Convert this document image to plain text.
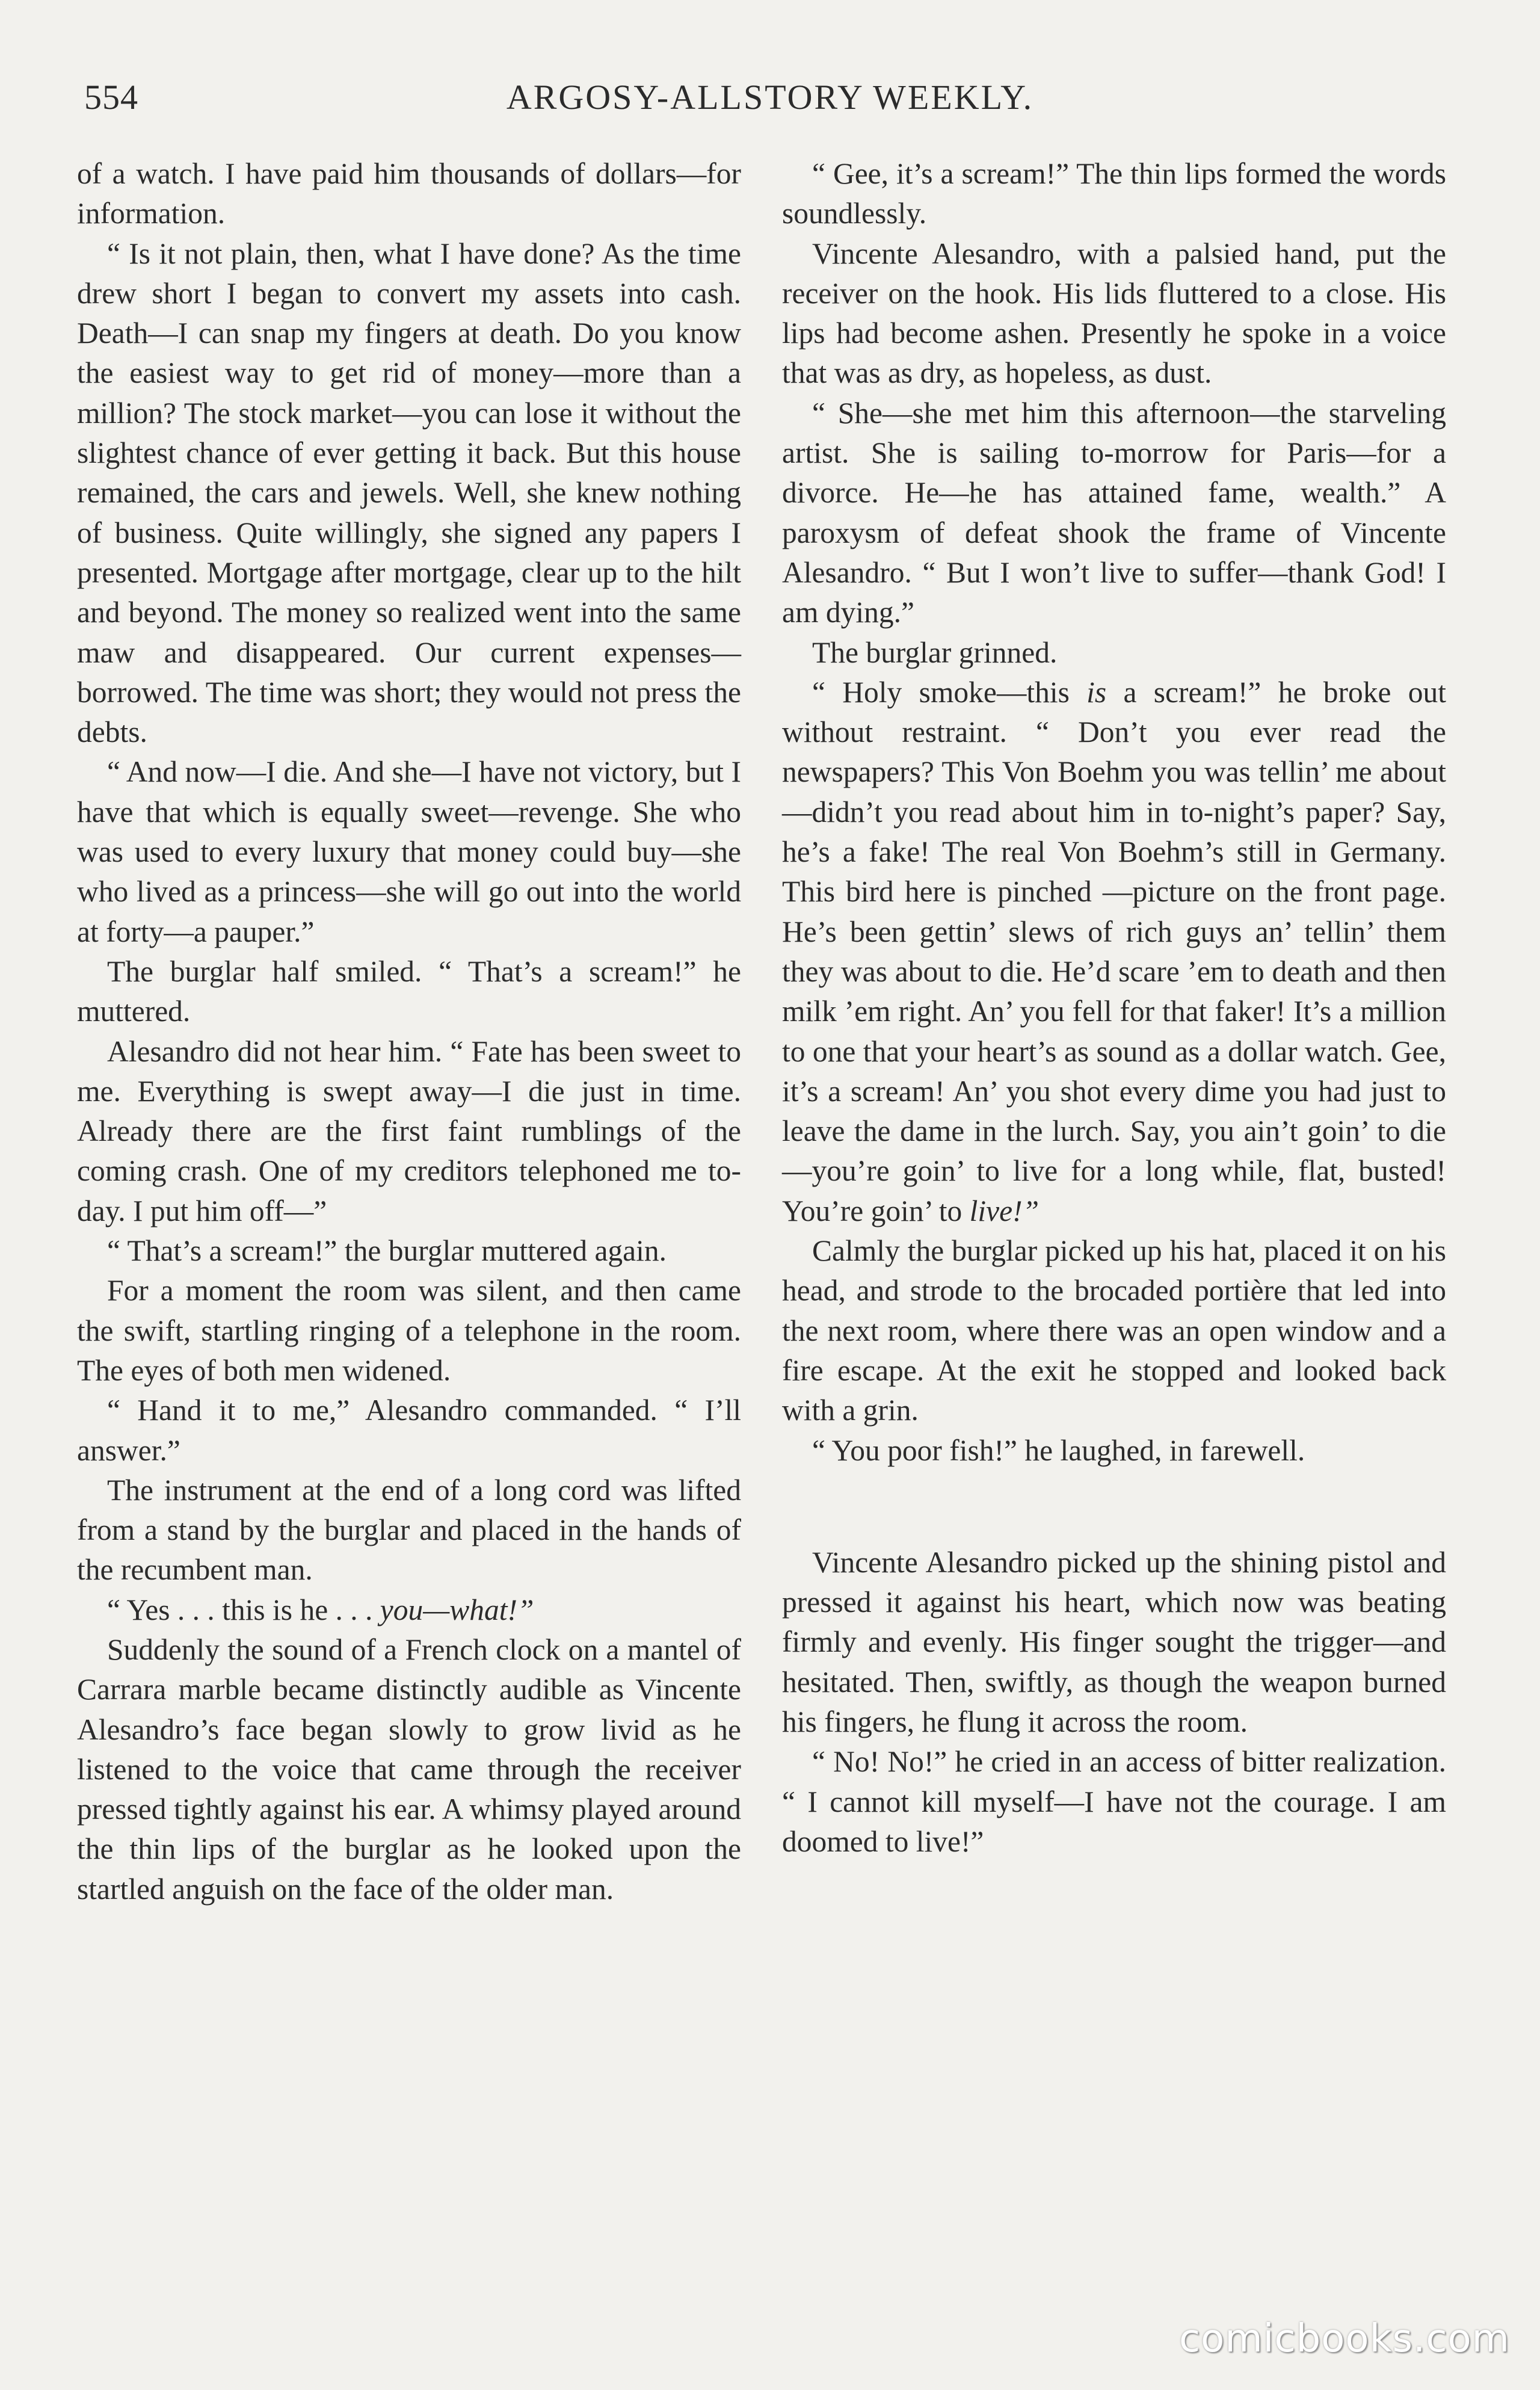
554	ARGOSY-ALLSTORY WEEKLY.

of a watch. I have paid him thousands of dollars—for information.

“ Is it not plain, then, what I have done? As the time drew short I began to convert my assets into cash. Death—I can snap my fingers at death. Do you know the easiest way to get rid of money—more than a million? The stock market—you can lose it without the slightest chance of ever getting it back. But this house remained, the cars and jewels. Well, she knew nothing of business. Quite willingly, she signed any papers I presented. Mortgage after mortgage, clear up to the hilt and beyond. The money so realized went into the same maw and disappeared. Our current expenses—borrowed. The time was short; they would not press the debts.

“ And now—I die. And she—I have not victory, but I have that which is equally sweet—revenge. She who was used to every luxury that money could buy—she who lived as a princess—she will go out into the world at forty—a pauper.”

The burglar half smiled. “ That’s a scream!” he muttered.

Alesandro did not hear him. “ Fate has been sweet to me. Everything is swept away—I die just in time. Already there are the first faint rumblings of the coming crash. One of my creditors telephoned me to-day. I put him off—”

“ That’s a scream!” the burglar muttered again.

For a moment the room was silent, and then came the swift, startling ringing of a telephone in the room. The eyes of both men widened.

“ Hand it to me,” Alesandro commanded. “ I’ll answer.”

The instrument at the end of a long cord was lifted from a stand by the burglar and placed in the hands of the recumbent man.

“ Yes . . . this is he . . . you—what!”

Suddenly the sound of a French clock on a mantel of Carrara marble became distinctly audible as Vincente Alesandro’s face began slowly to grow livid as he listened to the voice that came through the receiver pressed tightly against his ear. A whimsy played around the thin lips of the burglar as he looked upon the startled anguish on the face of the older man.

“ Gee, it’s a scream!” The thin lips formed the words soundlessly.

Vincente Alesandro, with a palsied hand, put the receiver on the hook. His lids fluttered to a close. His lips had become ashen. Presently he spoke in a voice that was as dry, as hopeless, as dust.

“ She—she met him this afternoon—the starveling artist. She is sailing to-morrow for Paris—for a divorce. He—he has attained fame, wealth.” A paroxysm of defeat shook the frame of Vincente Alesandro. “ But I won’t live to suffer—thank God! I am dying.”

The burglar grinned.

“ Holy smoke—this is a scream!” he broke out without restraint. “ Don’t you ever read the newspapers? This Von Boehm you was tellin’ me about—didn’t you read about him in to-night’s paper? Say, he’s a fake! The real Von Boehm’s still in Germany. This bird here is pinched —picture on the front page. He’s been gettin’ slews of rich guys an’ tellin’ them they was about to die. He’d scare ’em to death and then milk ’em right. An’ you fell for that faker! It’s a million to one that your heart’s as sound as a dollar watch. Gee, it’s a scream! An’ you shot every dime you had just to leave the dame in the lurch. Say, you ain’t goin’ to die—you’re goin’ to live for a long while, flat, busted! You’re goin’ to live!”

Calmly the burglar picked up his hat, placed it on his head, and strode to the brocaded portière that led into the next room, where there was an open window and a fire escape. At the exit he stopped and looked back with a grin.

“ You poor fish!” he laughed, in farewell.

Vincente Alesandro picked up the shining pistol and pressed it against his heart, which now was beating firmly and evenly. His finger sought the trigger—and hesitated. Then, swiftly, as though the weapon burned his fingers, he flung it across the room.

“ No! No!” he cried in an access of bitter realization. “ I cannot kill myself—I have not the courage. I am doomed to live!”

comicbooks.com
